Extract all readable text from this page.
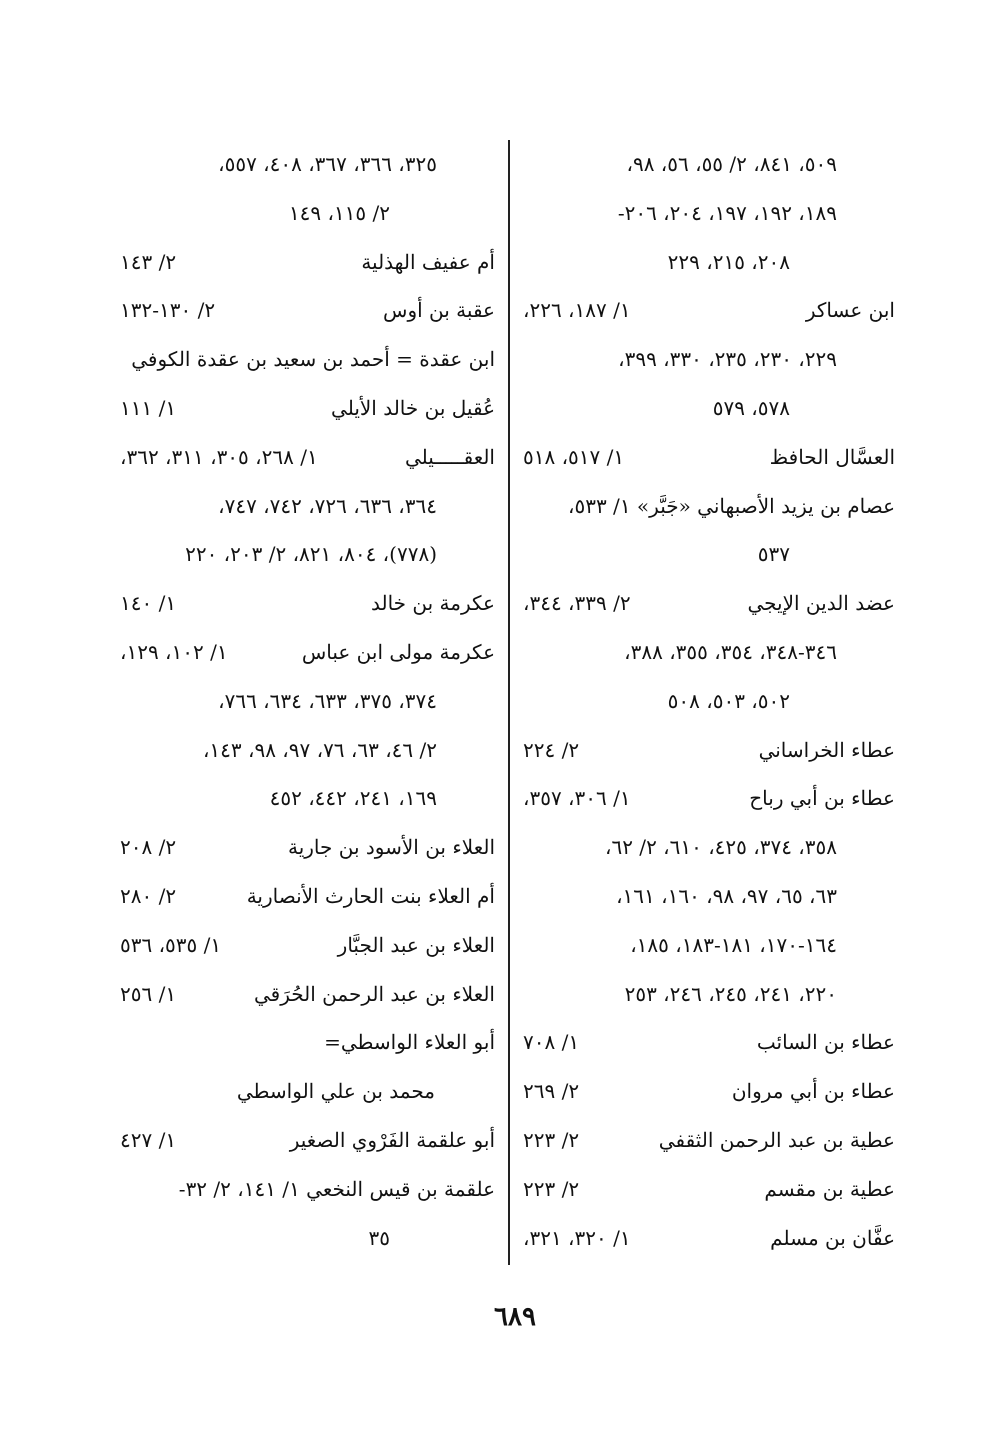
٥٠٩، ٨٤١، ٢/ ٥٥، ٥٦، ٩٨،
١٨٩، ١٩٢، ١٩٧، ٢٠٤، ٢٠٦-
٢٠٨، ٢١٥، ٢٢٩
ابن عساكر
١/ ١٨٧، ٢٢٦،
٢٢٩، ٢٣٠، ٢٣٥، ٣٣٠، ٣٩٩،
٥٧٨، ٥٧٩
العسَّال الحافظ
١/ ٥١٧، ٥١٨
عصام بن يزيد الأصبهاني «جَبَّر» ١/ ٥٣٣،
٥٣٧
عضد الدين الإيجي
٢/ ٣٣٩، ٣٤٤،
٣٤٦-٣٤٨، ٣٥٤، ٣٥٥، ٣٨٨،
٥٠٢، ٥٠٣، ٥٠٨
عطاء الخراساني
٢/ ٢٢٤
عطاء بن أبي رباح
١/ ٣٠٦، ٣٥٧،
٣٥٨، ٣٧٤، ٤٢٥، ٦١٠، ٢/ ٦٢،
٦٣، ٦٥، ٩٧، ٩٨، ١٦٠، ١٦١،
١٦٤-١٧٠، ١٨١-١٨٣، ١٨٥،
٢٢٠، ٢٤١، ٢٤٥، ٢٤٦، ٢٥٣
عطاء بن السائب
١/ ٧٠٨
عطاء بن أبي مروان
٢/ ٢٦٩
عطية بن عبد الرحمن الثقفي
٢/ ٢٢٣
عطية بن مقسم
٢/ ٢٢٣
عفَّان بن مسلم
١/ ٣٢٠، ٣٢١،
٣٢٥، ٣٦٦، ٣٦٧، ٤٠٨، ٥٥٧،
٢/ ١١٥، ١٤٩
أم عفيف الهذلية
٢/ ١٤٣
عقبة بن أوس
٢/ ١٣٠-١٣٢
ابن عقدة = أحمد بن سعيد بن عقدة الكوفي
عُقيل بن خالد الأيلي
١/ ١١١
العقـــــيلي
١/ ٢٦٨، ٣٠٥، ٣١١، ٣٦٢،
٣٦٤، ٦٣٦، ٧٢٦، ٧٤٢، ٧٤٧،
(٧٧٨)، ٨٠٤، ٨٢١، ٢/ ٢٠٣، ٢٢٠
عكرمة بن خالد
١/ ١٤٠
عكرمة مولى ابن عباس
١/ ١٠٢، ١٢٩،
٣٧٤، ٣٧٥، ٦٣٣، ٦٣٤، ٧٦٦،
٢/ ٤٦، ٦٣، ٧٦، ٩٧، ٩٨، ١٤٣،
١٦٩، ٢٤١، ٤٤٢، ٤٥٢
العلاء بن الأسود بن جارية
٢/ ٢٠٨
أم العلاء بنت الحارث الأنصارية
٢/ ٢٨٠
العلاء بن عبد الجبَّار
١/ ٥٣٥، ٥٣٦
العلاء بن عبد الرحمن الحُرَقي
١/ ٢٥٦
أبو العلاء الواسطي=
محمد بن علي الواسطي
أبو علقمة الفَرْوي الصغير
١/ ٤٢٧
علقمة بن قيس النخعي ١/ ١٤١، ٢/ ٣٢-
٣٥
٦٨٩
